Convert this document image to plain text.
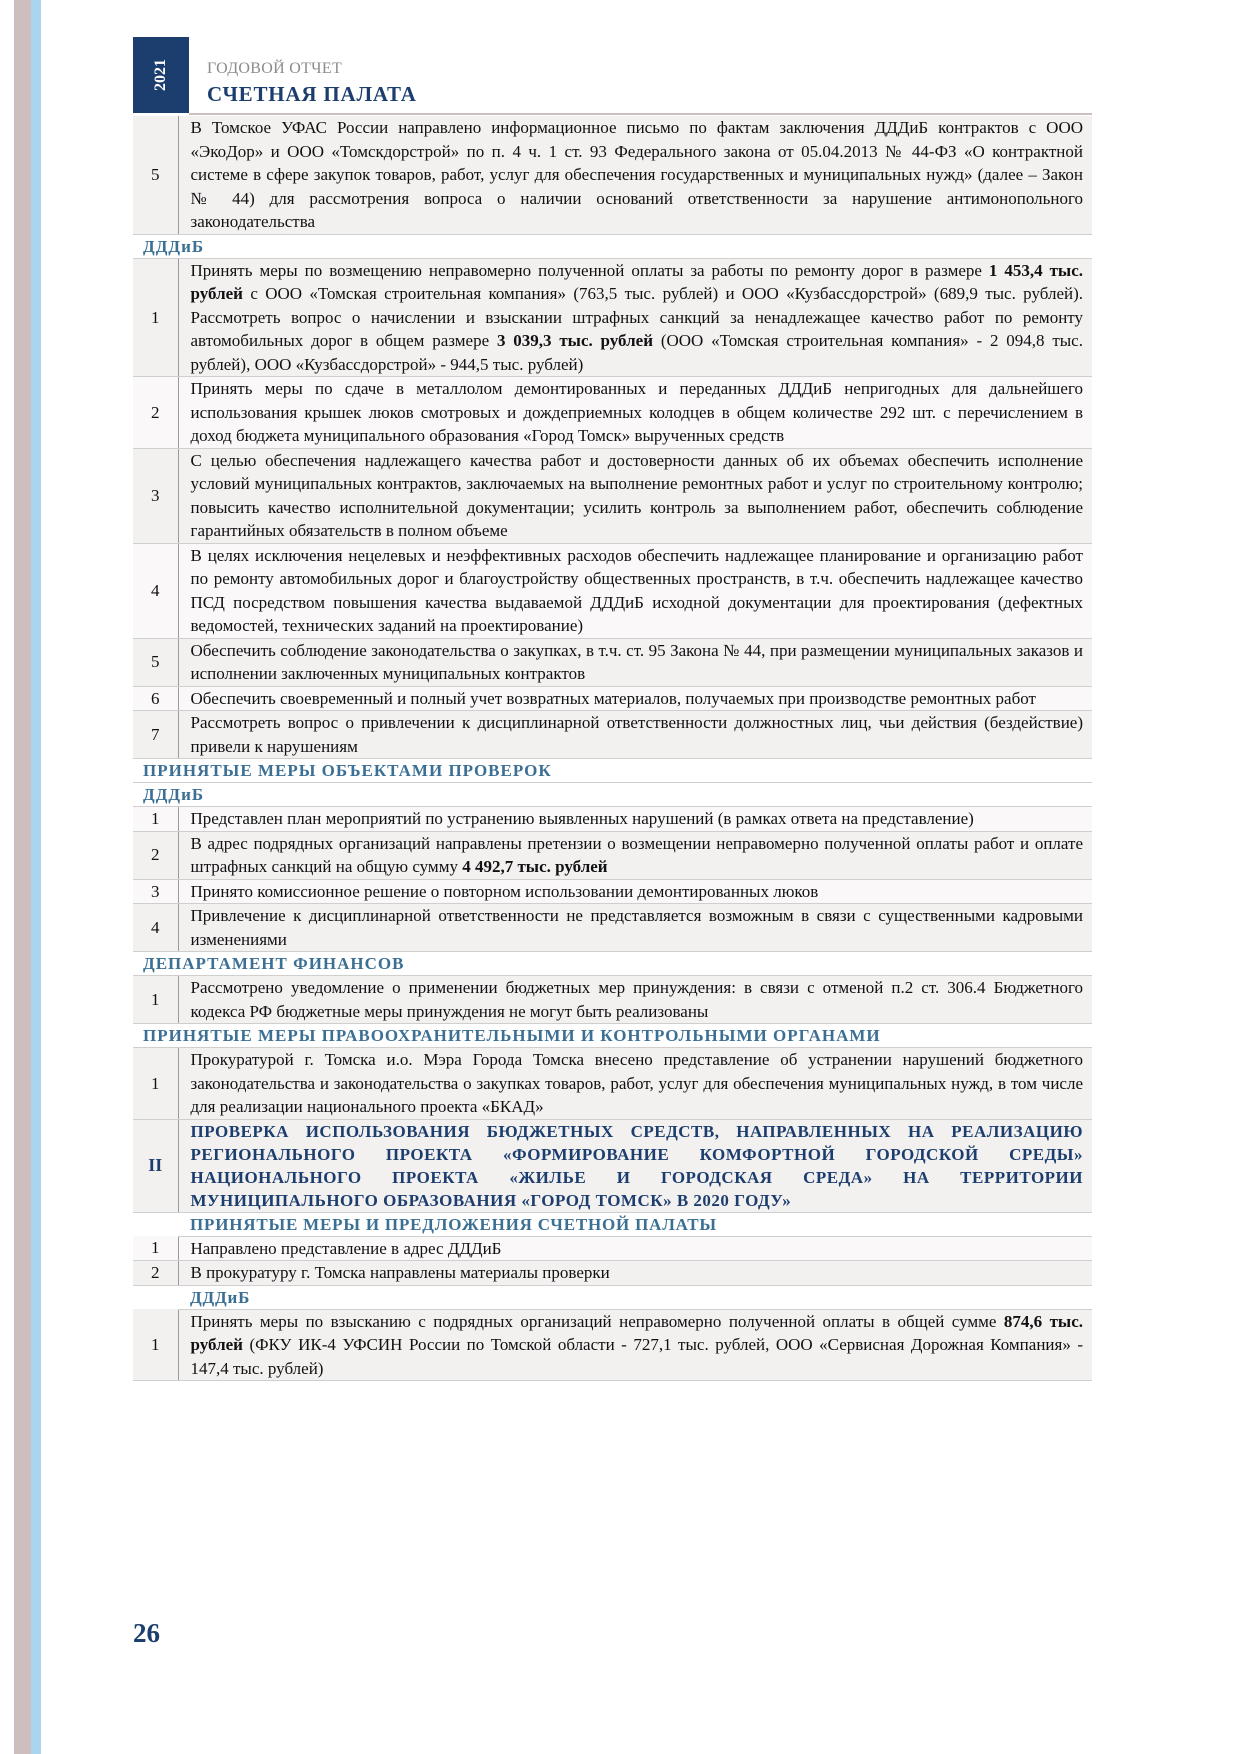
2021 ГОДОВОЙ ОТЧЕТ
СЧЕТНАЯ ПАЛАТА
5	В Томское УФАС России направлено информационное письмо по фактам заключения ДДДиБ контрактов с ООО «ЭкоДор» и ООО «Томскдорстрой» по п. 4 ч. 1 ст. 93 Федерального закона от 05.04.2013 № 44-ФЗ «О контрактной системе в сфере закупок товаров, работ, услуг для обеспечения государственных и муниципальных нужд» (далее – Закон № 44) для рассмотрения вопроса о наличии оснований ответственности за нарушение антимонопольного законодательства
ДДДиБ	
1	Принять меры по возмещению неправомерно полученной оплаты за работы по ремонту дорог в размере 1 453,4 тыс. рублей с ООО «Томская строительная компания» (763,5 тыс. рублей) и ООО «Кузбассдорстрой» (689,9 тыс. рублей). Рассмотреть вопрос о начислении и взыскании штрафных санкций за ненадлежащее качество работ по ремонту автомобильных дорог в общем размере 3 039,3 тыс. рублей (ООО «Томская строительная компания» - 2 094,8 тыс. рублей), ООО «Кузбассдорстрой» - 944,5 тыс. рублей)
2	Принять меры по сдаче в металлолом демонтированных и переданных ДДДиБ непригодных для дальнейшего использования крышек люков смотровых и дождеприемных колодцев в общем количестве 292 шт. с перечислением в доход бюджета муниципального образования «Город Томск» вырученных средств
3	С целью обеспечения надлежащего качества работ и достоверности данных об их объемах обеспечить исполнение условий муниципальных контрактов, заключаемых на выполнение ремонтных работ и услуг по строительному контролю; повысить качество исполнительной документации; усилить контроль за выполнением работ, обеспечить соблюдение гарантийных обязательств в полном объеме
4	В целях исключения нецелевых и неэффективных расходов обеспечить надлежащее планирование и организацию работ по ремонту автомобильных дорог и благоустройству общественных пространств, в т.ч. обеспечить надлежащее качество ПСД посредством повышения качества выдаваемой ДДДиБ исходной документации для проектирования (дефектных ведомостей, технических заданий на проектирование)
5	Обеспечить соблюдение законодательства о закупках, в т.ч. ст. 95 Закона № 44, при размещении муниципальных заказов и исполнении заключенных муниципальных контрактов
6	Обеспечить своевременный и полный учет возвратных материалов, получаемых при производстве ремонтных работ
7	Рассмотреть вопрос о привлечении к дисциплинарной ответственности должностных лиц, чьи действия (бездействие) привели к нарушениям
ПРИНЯТЫЕ МЕРЫ ОБЪЕКТАМИ ПРОВЕРОК	
ДДДиБ	
1	Представлен план мероприятий по устранению выявленных нарушений (в рамках ответа на представление)
2	В адрес подрядных организаций направлены претензии о возмещении неправомерно полученной оплаты работ и оплате штрафных санкций на общую сумму 4 492,7 тыс. рублей
3	Принято комиссионное решение о повторном использовании демонтированных люков
4	Привлечение к дисциплинарной ответственности не представляется возможным в связи с существенными кадровыми изменениями
ДЕПАРТАМЕНТ ФИНАНСОВ	
1	Рассмотрено уведомление о применении бюджетных мер принуждения: в связи с отменой п.2 ст. 306.4 Бюджетного кодекса РФ бюджетные меры принуждения не могут быть реализованы
ПРИНЯТЫЕ МЕРЫ ПРАВООХРАНИТЕЛЬНЫМИ И КОНТРОЛЬНЫМИ ОРГАНАМИ	
1	Прокуратурой г. Томска и.о. Мэра Города Томска внесено представление об устранении нарушений бюджетного законодательства и законодательства о закупках товаров, работ, услуг для обеспечения муниципальных нужд, в том числе для реализации национального проекта «БКАД»
II	ПРОВЕРКА ИСПОЛЬЗОВАНИЯ БЮДЖЕТНЫХ СРЕДСТВ, НАПРАВЛЕННЫХ НА РЕАЛИЗАЦИЮ РЕГИОНАЛЬНОГО ПРОЕКТА «ФОРМИРОВАНИЕ КОМФОРТНОЙ ГОРОДСКОЙ СРЕДЫ» НАЦИОНАЛЬНОГО ПРОЕКТА «ЖИЛЬЕ И ГОРОДСКАЯ СРЕДА» НА ТЕРРИТОРИИ МУНИЦИПАЛЬНОГО ОБРАЗОВАНИЯ «ГОРОД ТОМСК» В 2020 ГОДУ»
	ПРИНЯТЫЕ МЕРЫ И ПРЕДЛОЖЕНИЯ СЧЕТНОЙ ПАЛАТЫ
1	Направлено представление в адрес ДДДиБ
2	В прокуратуру г. Томска направлены материалы проверки
	ДДДиБ
1	Принять меры по взысканию с подрядных организаций неправомерно полученной оплаты в общей сумме 874,6 тыс. рублей (ФКУ ИК-4 УФСИН России по Томской области - 727,1 тыс. рублей, ООО «Сервисная Дорожная Компания» - 147,4 тыс. рублей)
26
